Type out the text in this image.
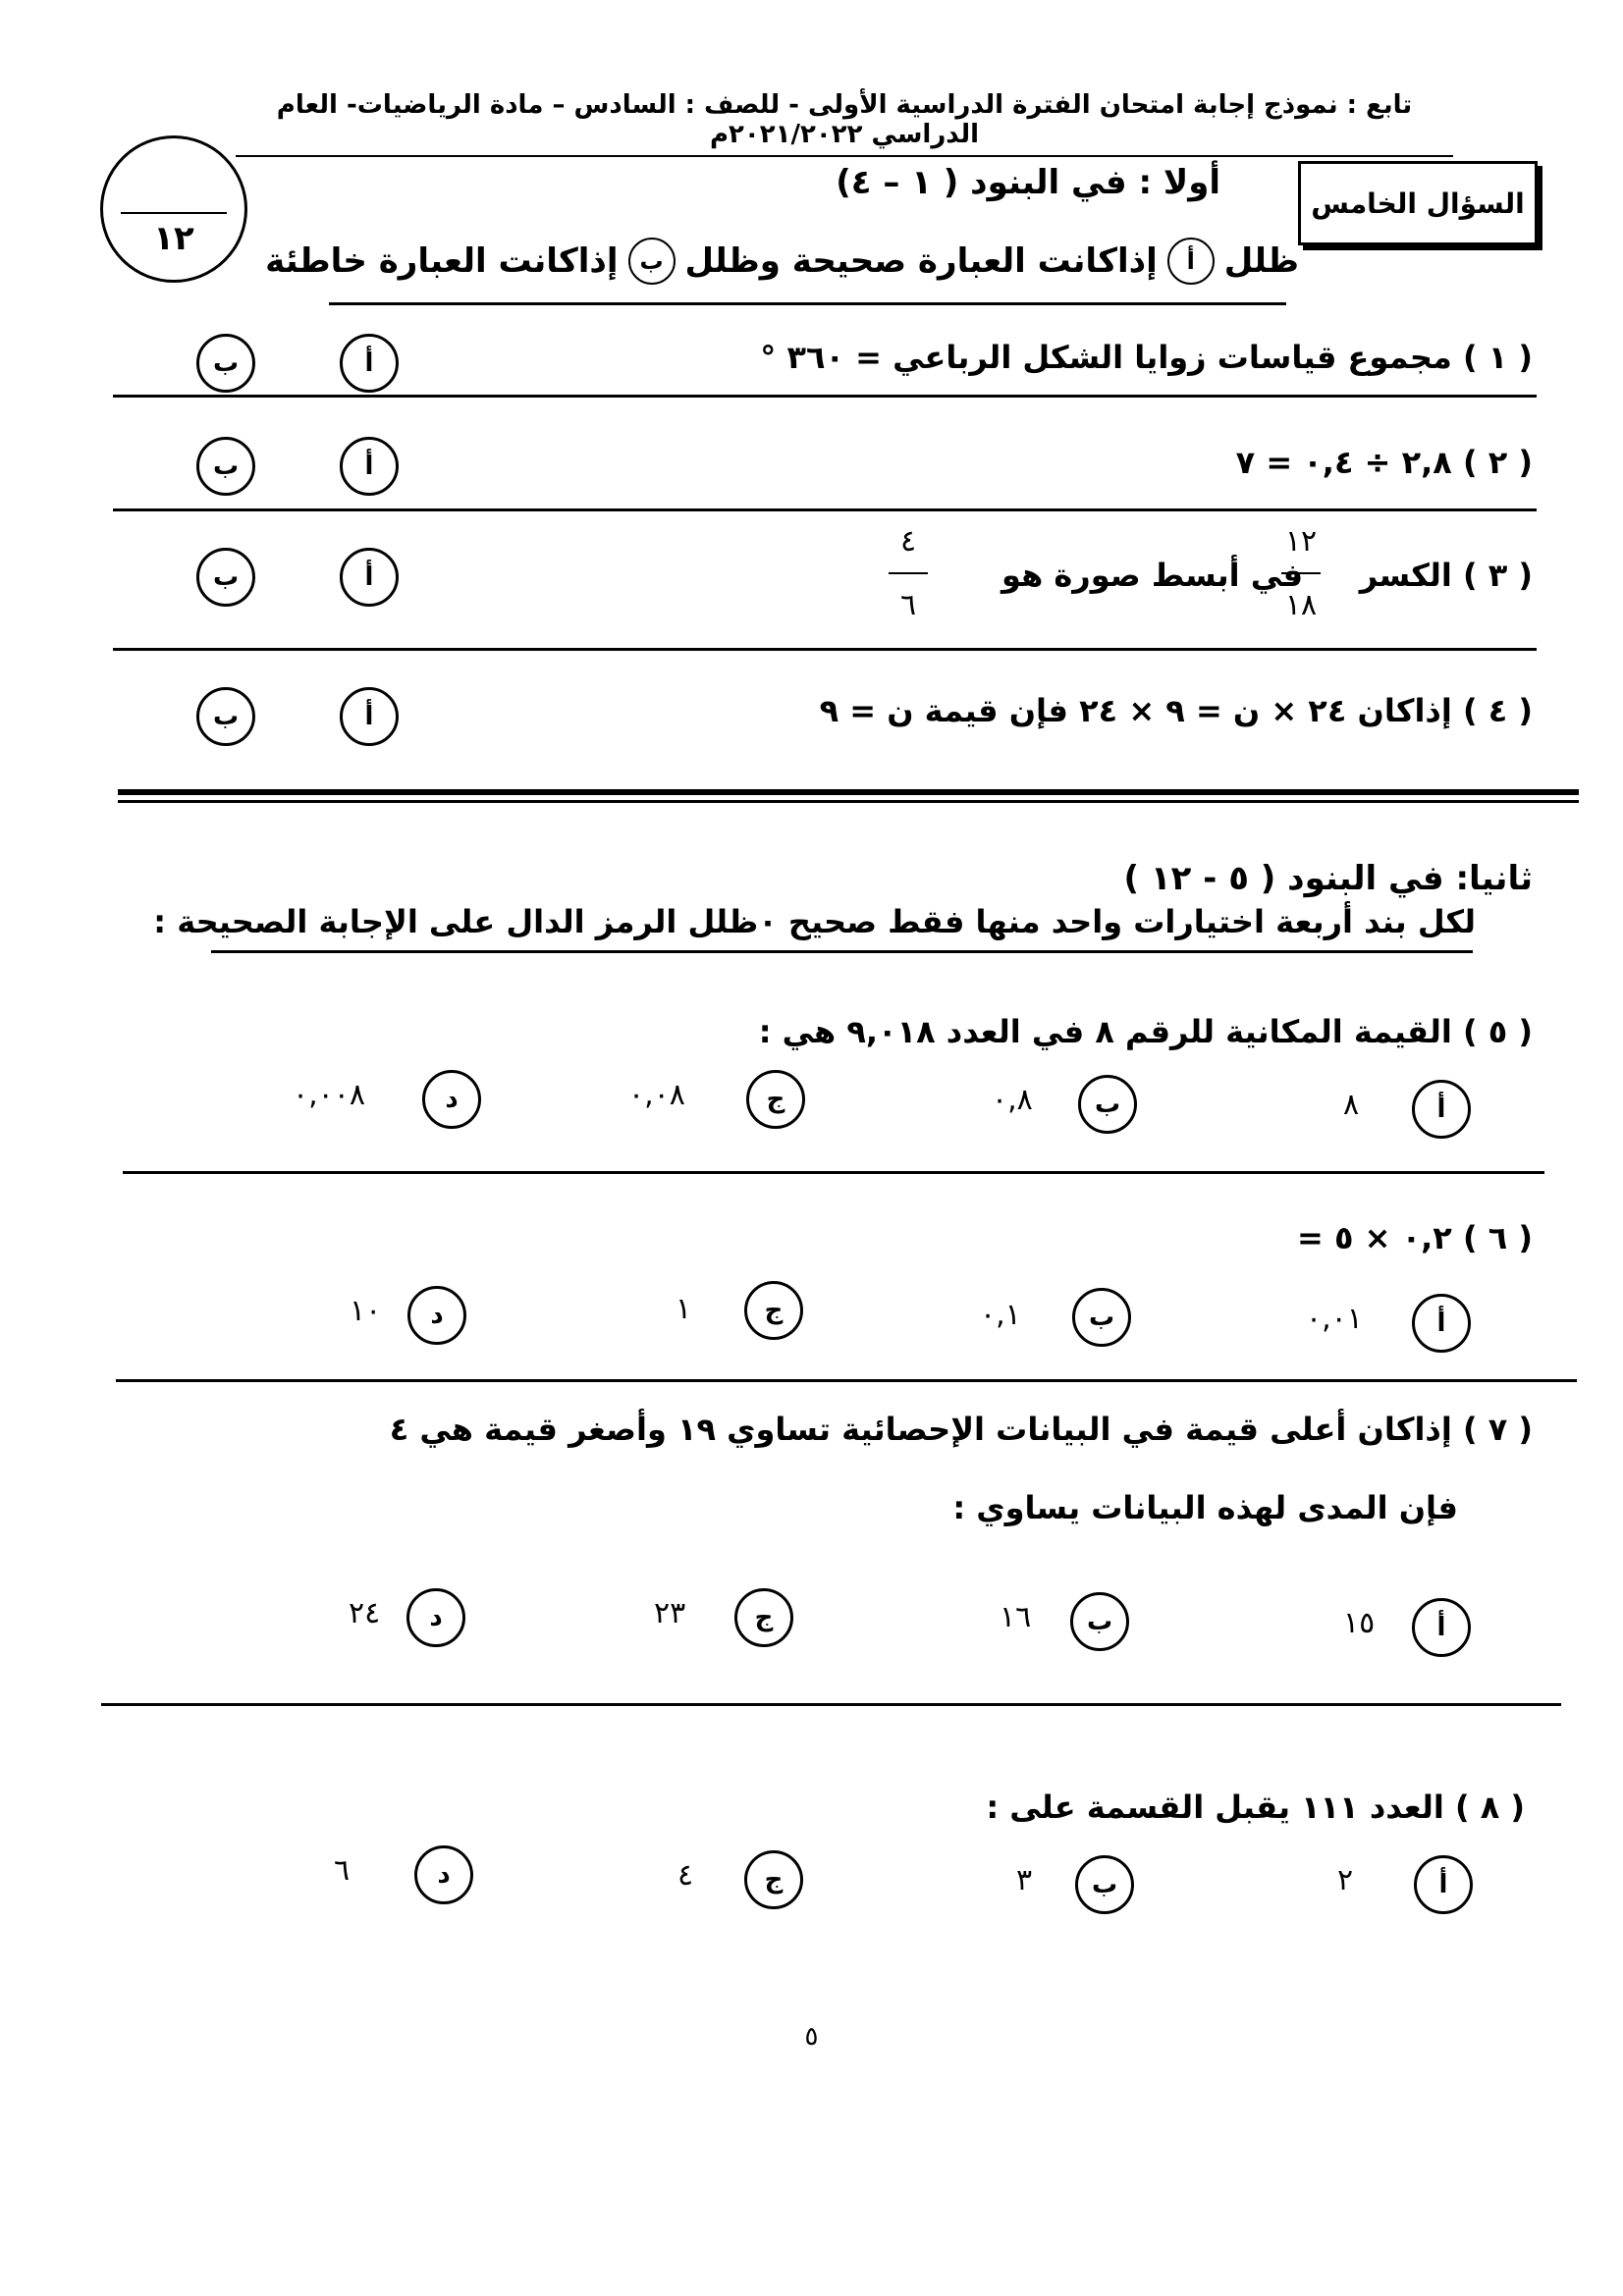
تابع : نموذج إجابة امتحان الفترة الدراسية الأولى - للصف : السادس – مادة الرياضيات- العام الدراسي ٢٠٢١/٢٠٢٢م
١٢
السؤال الخامس
أولا : في البنود ( ١ – ٤)
ظلل
أ
إذاكانت العبارة صحيحة وظلل
ب
إذاكانت العبارة خاطئة
( ١ ) مجموع قياسات زوايا الشكل الرباعي = ٣٦٠ °
أ
ب
( ٢ ) ٢,٨ ÷ ٠,٤ = ٧
أ
ب
( ٣ ) الكسر
١٢
١٨
في أبسط صورة هو
٤
٦
أ
ب
( ٤ ) إذاكان ٢٤ × ن = ٩ × ٢٤ فإن قيمة ن = ٩
أ
ب
ثانيا: في البنود ( ٥ - ١٢ )
لكل بند أربعة اختيارات واحد منها فقط صحيح ٠ظلل الرمز الدال على الإجابة الصحيحة :
( ٥ ) القيمة المكانية للرقم ٨ في العدد ٩,٠١٨ هي :
أ
٨
ب
٠,٨
ج
٠,٠٨
د
٠,٠٠٨
( ٦ ) ٠,٢ × ٥ =
أ
٠,٠١
ب
٠,١
ج
١
د
١٠
( ٧ ) إذاكان أعلى قيمة في البيانات الإحصائية تساوي ١٩ وأصغر قيمة هي ٤
فإن المدى لهذه البيانات يساوي :
أ
١٥
ب
١٦
ج
٢٣
د
٢٤
( ٨ ) العدد ١١١ يقبل القسمة على :
أ
٢
ب
٣
ج
٤
د
٦
٥
